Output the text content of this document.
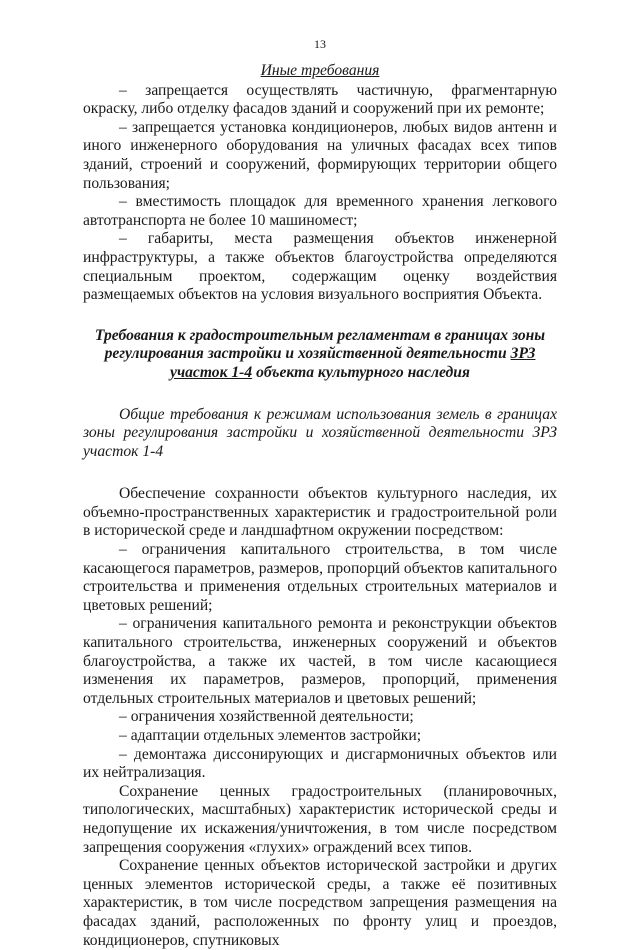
13
Иные требования

– запрещается осуществлять частичную, фрагментарную окраску, либо отделку фасадов зданий и сооружений при их ремонте;

– запрещается установка кондиционеров, любых видов антенн и иного инженерного оборудования на уличных фасадах всех типов зданий, строений и сооружений, формирующих территории общего пользования;

– вместимость площадок для временного хранения легкового автотранспорта не более 10 машиномест;

– габариты, места размещения объектов инженерной инфраструктуры, а также объектов благоустройства определяются специальным проектом, содержащим оценку воздействия размещаемых объектов на условия визуального восприятия Объекта.

Требования к градостроительным регламентам в границах зоны регулирования застройки и хозяйственной деятельности ЗРЗ участок 1-4 объекта культурного наследия

Общие требования к режимам использования земель в границах зоны регулирования застройки и хозяйственной деятельности ЗРЗ участок 1-4

Обеспечение сохранности объектов культурного наследия, их объемно-пространственных характеристик и градостроительной роли в исторической среде и ландшафтном окружении посредством:

– ограничения капитального строительства, в том числе касающегося параметров, размеров, пропорций объектов капитального строительства и применения отдельных строительных материалов и цветовых решений;

– ограничения капитального ремонта и реконструкции объектов капитального строительства, инженерных сооружений и объектов благоустройства, а также их частей, в том числе касающиеся изменения их параметров, размеров, пропорций, применения отдельных строительных материалов и цветовых решений;

– ограничения хозяйственной деятельности;

– адаптации отдельных элементов застройки;

– демонтажа диссонирующих и дисгармоничных объектов или их нейтрализация.

Сохранение ценных градостроительных (планировочных, типологических, масштабных) характеристик исторической среды и недопущение их искажения/уничтожения, в том числе посредством запрещения сооружения «глухих» ограждений всех типов.

Сохранение ценных объектов исторической застройки и других ценных элементов исторической среды, а также её позитивных характеристик, в том числе посредством запрещения размещения на фасадах зданий, расположенных по фронту улиц и проездов, кондиционеров, спутниковых
